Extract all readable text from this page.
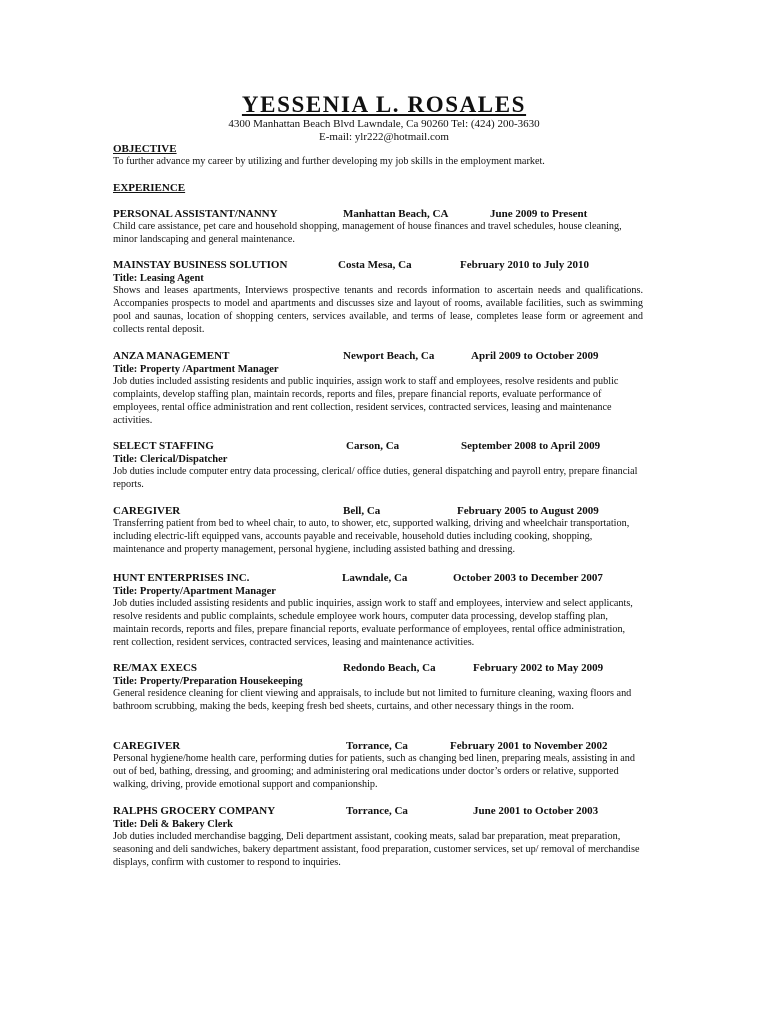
YESSENIA L. ROSALES
4300 Manhattan Beach Blvd Lawndale, Ca 90260 Tel: (424) 200-3630
E-mail: ylr222@hotmail.com
OBJECTIVE
To further advance my career by utilizing and further developing my job skills in the employment market.
EXPERIENCE
PERSONAL ASSISTANT/NANNY	Manhattan Beach, CA	June 2009 to Present
Child care assistance, pet care and household shopping, management of house finances and travel schedules, house cleaning, minor landscaping and general maintenance.
MAINSTAY BUSINESS SOLUTION	Costa Mesa, Ca	February 2010 to July 2010
Title: Leasing Agent
Shows and leases apartments, Interviews prospective tenants and records information to ascertain needs and qualifications. Accompanies prospects to model and apartments and discusses size and layout of rooms, available facilities, such as swimming pool and saunas, location of shopping centers, services available, and terms of lease, completes lease form or agreement and collects rental deposit.
ANZA MANAGEMENT	Newport Beach, Ca	April 2009 to October 2009
Title: Property /Apartment Manager
Job duties included assisting residents and public inquiries, assign work to staff and employees, resolve residents and public complaints, develop staffing plan, maintain records, reports and files, prepare financial reports, evaluate performance of employees, rental office administration and rent collection, resident services, contracted services, leasing and maintenance activities.
SELECT STAFFING	Carson, Ca	September 2008 to April 2009
Title: Clerical/Dispatcher
Job duties include computer entry data processing, clerical/ office duties, general dispatching and payroll entry, prepare financial reports.
CAREGIVER	Bell, Ca	February 2005 to August 2009
Transferring patient from bed to wheel chair, to auto, to shower, etc, supported walking, driving and wheelchair transportation, including electric-lift equipped vans, accounts payable and receivable, household duties including cooking, shopping, maintenance and property management, personal hygiene, including assisted bathing and dressing.
HUNT ENTERPRISES INC.	Lawndale, Ca	October 2003 to December 2007
Title: Property/Apartment Manager
Job duties included assisting residents and public inquiries, assign work to staff and employees, interview and select applicants, resolve residents and public complaints, schedule employee work hours, computer data processing, develop staffing plan, maintain records, reports and files, prepare financial reports, evaluate performance of employees, rental office administration, rent collection, resident services, contracted services, leasing and maintenance activities.
RE/MAX EXECS	Redondo Beach, Ca	February 2002 to May 2009
Title: Property/Preparation Housekeeping
General residence cleaning for client viewing and appraisals, to include but not limited to furniture cleaning, waxing floors and bathroom scrubbing, making the beds, keeping fresh bed sheets, curtains, and other necessary things in the room.
CAREGIVER	Torrance, Ca	February 2001 to November 2002
Personal hygiene/home health care, performing duties for patients, such as changing bed linen, preparing meals, assisting in and out of bed, bathing, dressing, and grooming; and administering oral medications under doctor’s orders or relative, supported walking, driving, provide emotional support and companionship.
RALPHS GROCERY COMPANY	Torrance, Ca	June 2001 to October 2003
Title: Deli & Bakery Clerk
Job duties included merchandise bagging, Deli department assistant, cooking meats, salad bar preparation, meat preparation, seasoning and deli sandwiches, bakery department assistant, food preparation, customer services, set up/ removal of merchandise displays, confirm with customer to respond to inquiries.
